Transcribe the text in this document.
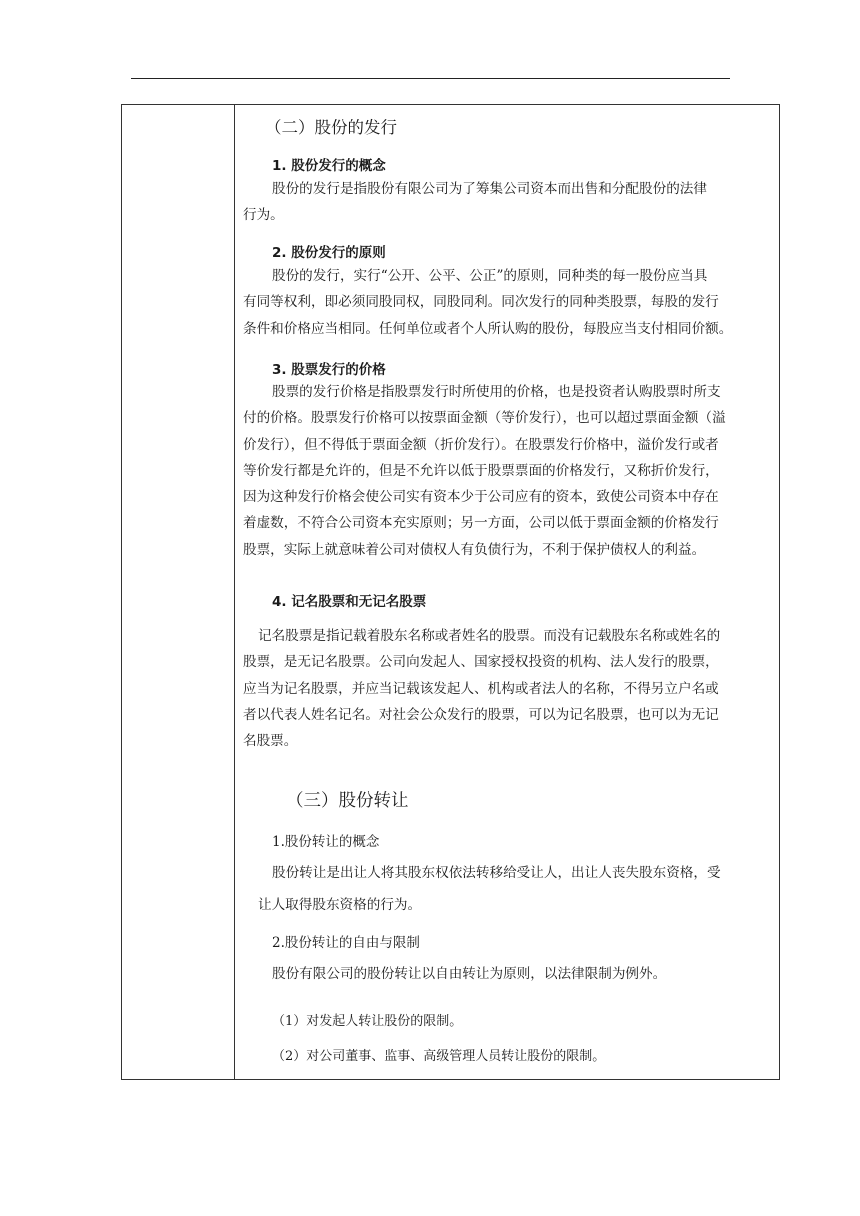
（二）股份的发行
1. 股份发行的概念
股份的发行是指股份有限公司为了筹集公司资本而出售和分配股份的法律
行为。
2. 股份发行的原则
股份的发行，实行“公开、公平、公正”的原则，同种类的每一股份应当具
有同等权利，即必须同股同权，同股同利。同次发行的同种类股票，每股的发行
条件和价格应当相同。任何单位或者个人所认购的股份，每股应当支付相同价额。
3. 股票发行的价格
股票的发行价格是指股票发行时所使用的价格，也是投资者认购股票时所支
付的价格。股票发行价格可以按票面金额（等价发行），也可以超过票面金额（溢
价发行），但不得低于票面金额（折价发行）。在股票发行价格中，溢价发行或者
等价发行都是允许的，但是不允许以低于股票票面的价格发行，又称折价发行，
因为这种发行价格会使公司实有资本少于公司应有的资本，致使公司资本中存在
着虚数，不符合公司资本充实原则；另一方面，公司以低于票面金额的价格发行
股票，实际上就意味着公司对债权人有负债行为，不利于保护债权人的利益。
4. 记名股票和无记名股票
记名股票是指记载着股东名称或者姓名的股票。而没有记载股东名称或姓名的
股票，是无记名股票。公司向发起人、国家授权投资的机构、法人发行的股票，
应当为记名股票，并应当记载该发起人、机构或者法人的名称，不得另立户名或
者以代表人姓名记名。对社会公众发行的股票，可以为记名股票，也可以为无记
名股票。
（三）股份转让
1.股份转让的概念
股份转让是出让人将其股东权依法转移给受让人，出让人丧失股东资格，受
让人取得股东资格的行为。
2.股份转让的自由与限制
股份有限公司的股份转让以自由转让为原则，以法律限制为例外。
（1）对发起人转让股份的限制。
（2）对公司董事、监事、高级管理人员转让股份的限制。
